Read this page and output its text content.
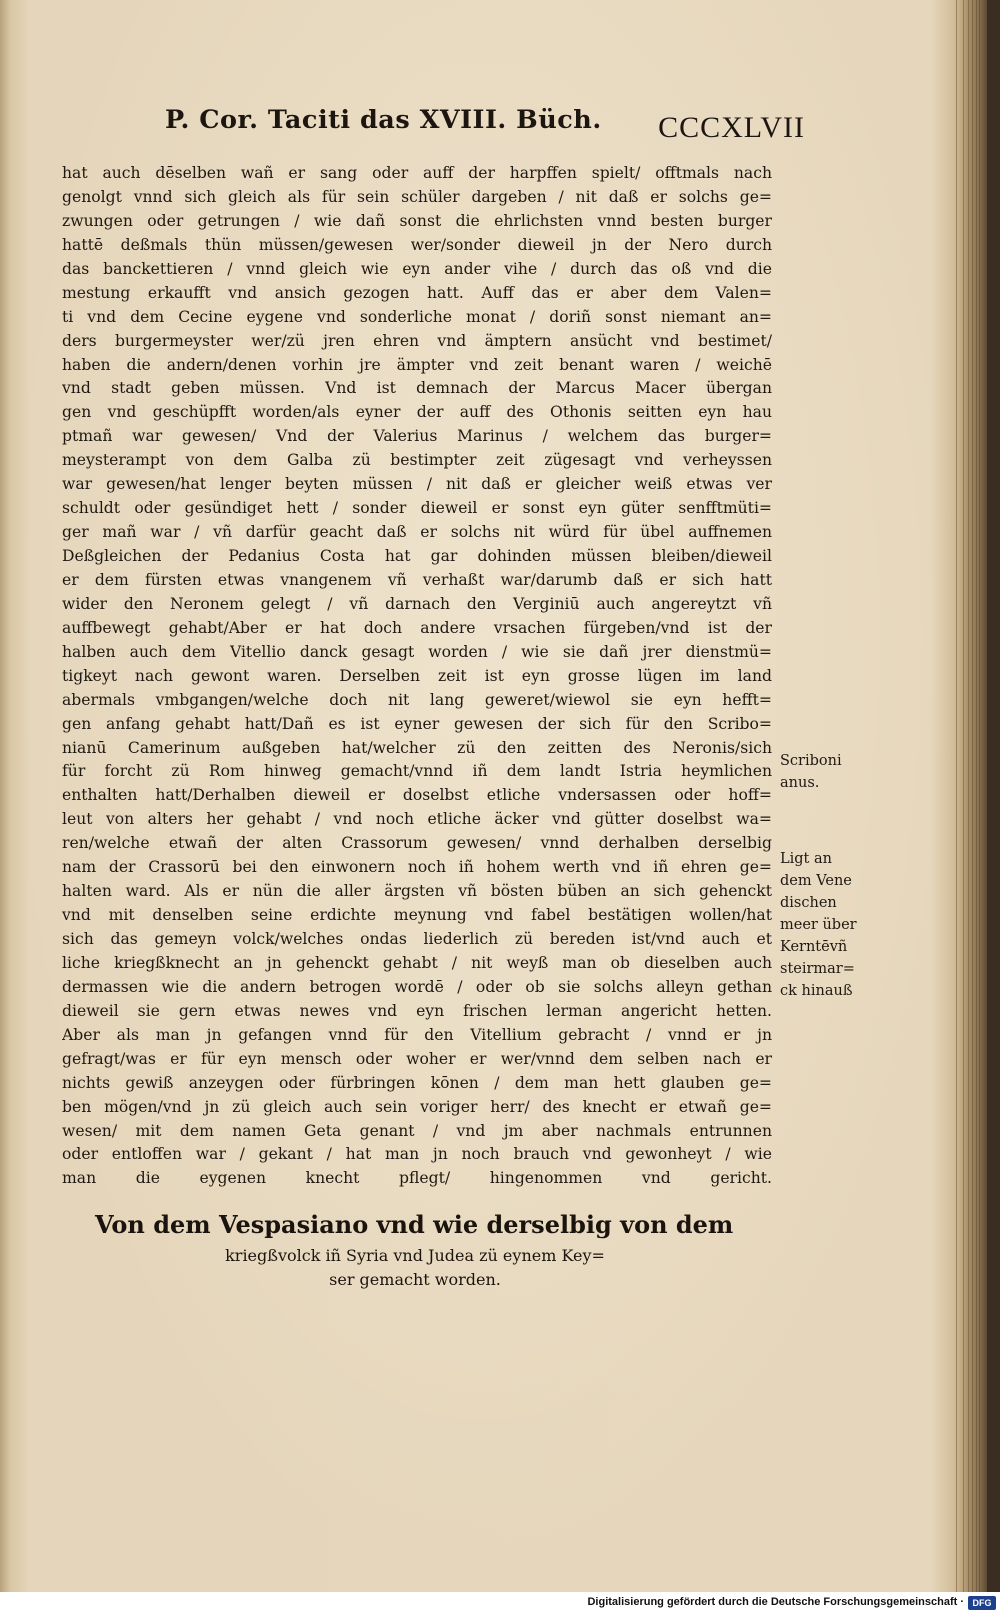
P. Cor. Taciti das XVIII. Büch. CCCXLVII
hat auch dēselben wañ er sang oder auff der harpffen spielt/ offtmals nach
genolgt vnnd sich gleich als für sein schüler dargeben / nit daß er solchs ge=
zwungen oder getrungen / wie dañ sonst die ehrlichsten vnnd besten burger
hattē deßmals thün müssen/gewesen wer/sonder dieweil jn der Nero durch
das banckettieren / vnnd gleich wie eyn ander vihe / durch das oß vnd die
mestung erkaufft vnd ansich gezogen hatt. Auff das er aber dem Valen=
ti vnd dem Cecine eygene vnd sonderliche monat / doriñ sonst niemant an=
ders burgermeyster wer/zü jren ehren vnd ämptern ansücht vnd bestimet/
haben die andern/denen vorhin jre ämpter vnd zeit benant waren / weichē
vnd stadt geben müssen. Vnd ist demnach der Marcus Macer übergan
gen vnd geschüpfft worden/als eyner der auff des Othonis seitten eyn hau
ptmañ war gewesen/ Vnd der Valerius Marinus / welchem das burger=
meysterampt von dem Galba zü bestimpter zeit zügesagt vnd verheyssen
war gewesen/hat lenger beyten müssen / nit daß er gleicher weiß etwas ver
schuldt oder gesündiget hett / sonder dieweil er sonst eyn güter senfftmüti=
ger mañ war / vñ darfür geacht daß er solchs nit würd für übel auffnemen
Deßgleichen der Pedanius Costa hat gar dohinden müssen bleiben/dieweil
er dem fürsten etwas vnangenem vñ verhaßt war/darumb daß er sich hatt
wider den Neronem gelegt / vñ darnach den Verginiū auch angereytzt vñ
auffbewegt gehabt/Aber er hat doch andere vrsachen fürgeben/vnd ist der
halben auch dem Vitellio danck gesagt worden / wie sie dañ jrer dienstmü=
tigkeyt nach gewont waren. Derselben zeit ist eyn grosse lügen im land
abermals vmbgangen/welche doch nit lang geweret/wiewol sie eyn hefft=
gen anfang gehabt hatt/Dañ es ist eyner gewesen der sich für den Scribo=
nianū Camerinum außgeben hat/welcher zü den zeitten des Neronis/sich
für forcht zü Rom hinweg gemacht/vnnd iñ dem landt Istria heymlichen
enthalten hatt/Derhalben dieweil er doselbst etliche vndersassen oder hoff=
leut von alters her gehabt / vnd noch etliche äcker vnd gütter doselbst wa=
ren/welche etwañ der alten Crassorum gewesen/ vnnd derhalben derselbig
nam der Crassorū bei den einwonern noch iñ hohem werth vnd iñ ehren ge=
halten ward. Als er nün die aller ärgsten vñ bösten büben an sich gehenckt
vnd mit denselben seine erdichte meynung vnd fabel bestätigen wollen/hat
sich das gemeyn volck/welches ondas liederlich zü bereden ist/vnd auch et
liche kriegßknecht an jn gehenckt gehabt / nit weyß man ob dieselben auch
dermassen wie die andern betrogen wordē / oder ob sie solchs alleyn gethan
dieweil sie gern etwas newes vnd eyn frischen lerman angericht hetten.
Aber als man jn gefangen vnnd für den Vitellium gebracht / vnnd er jn
gefragt/was er für eyn mensch oder woher er wer/vnnd dem selben nach er
nichts gewiß anzeygen oder fürbringen kōnen / dem man hett glauben ge=
ben mögen/vnd jn zü gleich auch sein voriger herr/ des knecht er etwañ ge=
wesen/ mit dem namen Geta genant / vnd jm aber nachmals entrunnen
oder entloffen war / gekant / hat man jn noch brauch vnd gewonheyt / wie
man die eygenen knecht pflegt/ hingenommen vnd gericht.
Von dem Vespasiano vnd wie derselbig von dem
kriegßvolck iñ Syria vnd Judea zü eynem Key=
ser gemacht worden.
Scriboni
anus.
Ligt an
dem Vene
dischen
meer über
Kerntēvñ
steirmar=
ck hinauß
Digitalisierung gefördert durch die Deutsche Forschungsgemeinschaft · DFG
